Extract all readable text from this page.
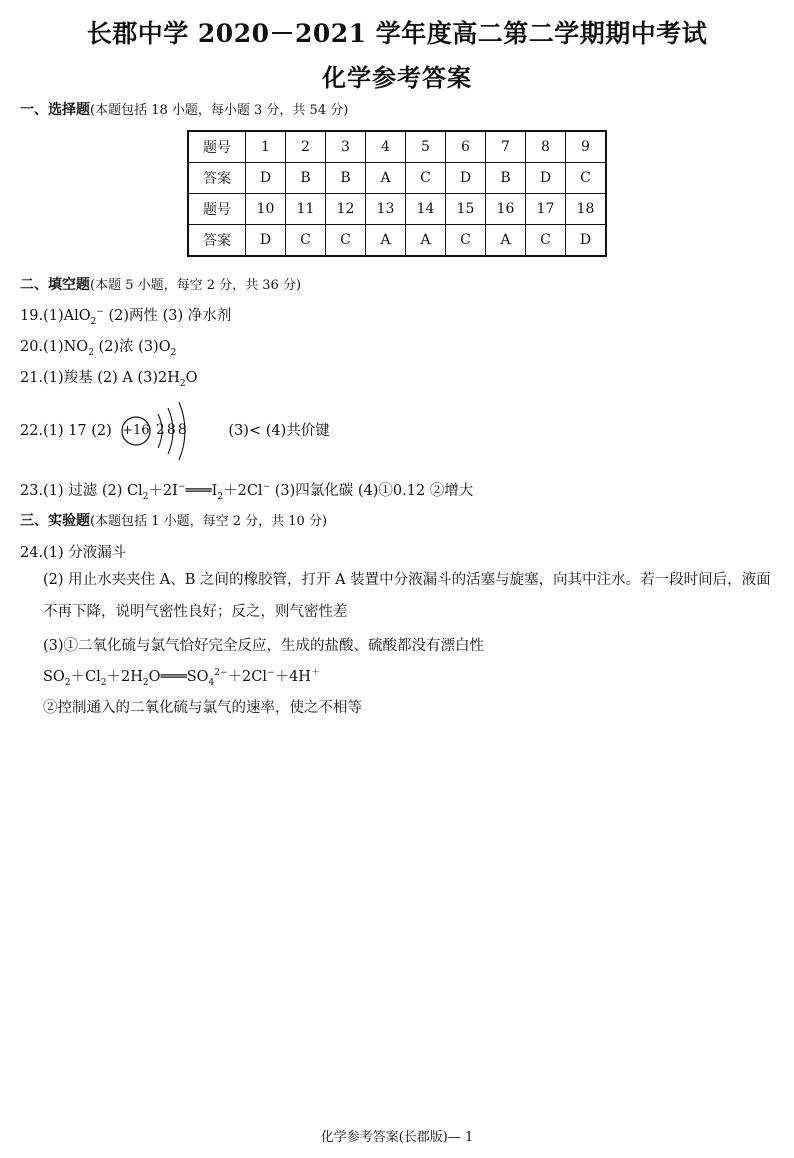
长郡中学 2020－2021 学年度高二第二学期期中考试
化学参考答案
一、选择题(本题包括 18 小题，每小题 3 分，共 54 分)
题号	1	2	3	4	5	6	7	8	9
答案	D	B	B	A	C	D	B	D	C
题号	10	11	12	13	14	15	16	17	18
答案	D	C	C	A	A	C	A	C	D
二、填空题(本题 5 小题，每空 2 分，共 36 分)
19.(1)AlO$_2$− (2)两性 (3) 净水剂
$20.(1)NO_2$ (2)浓 $(3)O_2$
21.(1)羧基 (2) A $(3)2H_2O$
22.(1) 17 (2) +16 2 8 8	(3)< (4)共价键
23.(1) 过滤 (2) $Cl_2+2I^-═══I_2+2Cl^-$ (3)四氯化碳 (4)①0.12 ②增大
三、实验题(本题包括 1 小题，每空 2 分，共 10 分)
24.(1) 分液漏斗
(2) 用止水夹夹住 A、B 之间的橡胶管，打开 A 装置中分液漏斗的活塞与旋塞，向其中注水。若一段时间后，液面不再下降，说明气密性良好；反之，则气密性差
(3)①二氧化硫与氯气恰好完全反应，生成的盐酸、硫酸都没有漂白性
$SO_2+Cl_2+2H_2O═══SO_4^{2-}+2Cl^-+4H^+$
②控制通入的二氧化硫与氯气的速率，使之不相等
化学参考答案(长郡版)— 1
